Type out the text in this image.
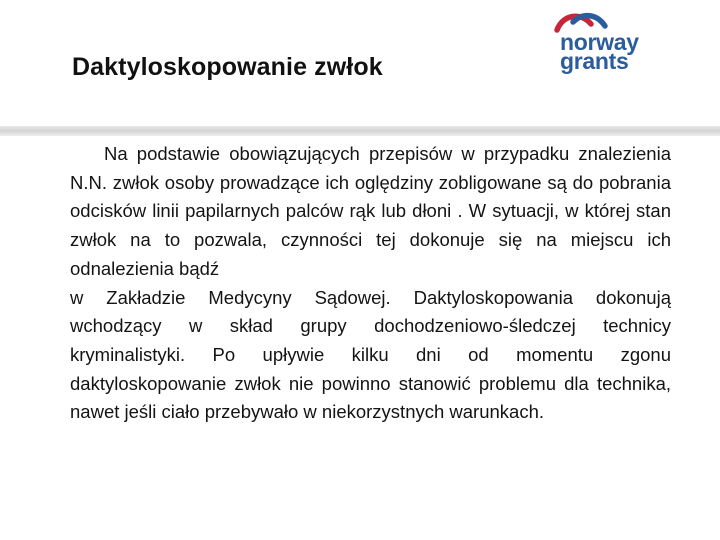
Daktyloskopowanie zwłok
norway
grants

Na podstawie obowiązujących przepisów w przypadku znalezienia N.N. zwłok osoby prowadzące ich oględziny zobligowane są do pobrania odcisków linii papilarnych palców rąk lub dłoni . W sytuacji, w której stan zwłok na to pozwala, czynności tej dokonuje się na miejscu ich odnalezienia bądź
w Zakładzie Medycyny Sądowej. Daktyloskopowania dokonują wchodzący w skład grupy dochodzeniowo-śledczej technicy kryminalistyki. Po upływie kilku dni od momentu zgonu daktyloskopowanie zwłok nie powinno stanowić problemu dla technika, nawet jeśli ciało przebywało w niekorzystnych warunkach.
